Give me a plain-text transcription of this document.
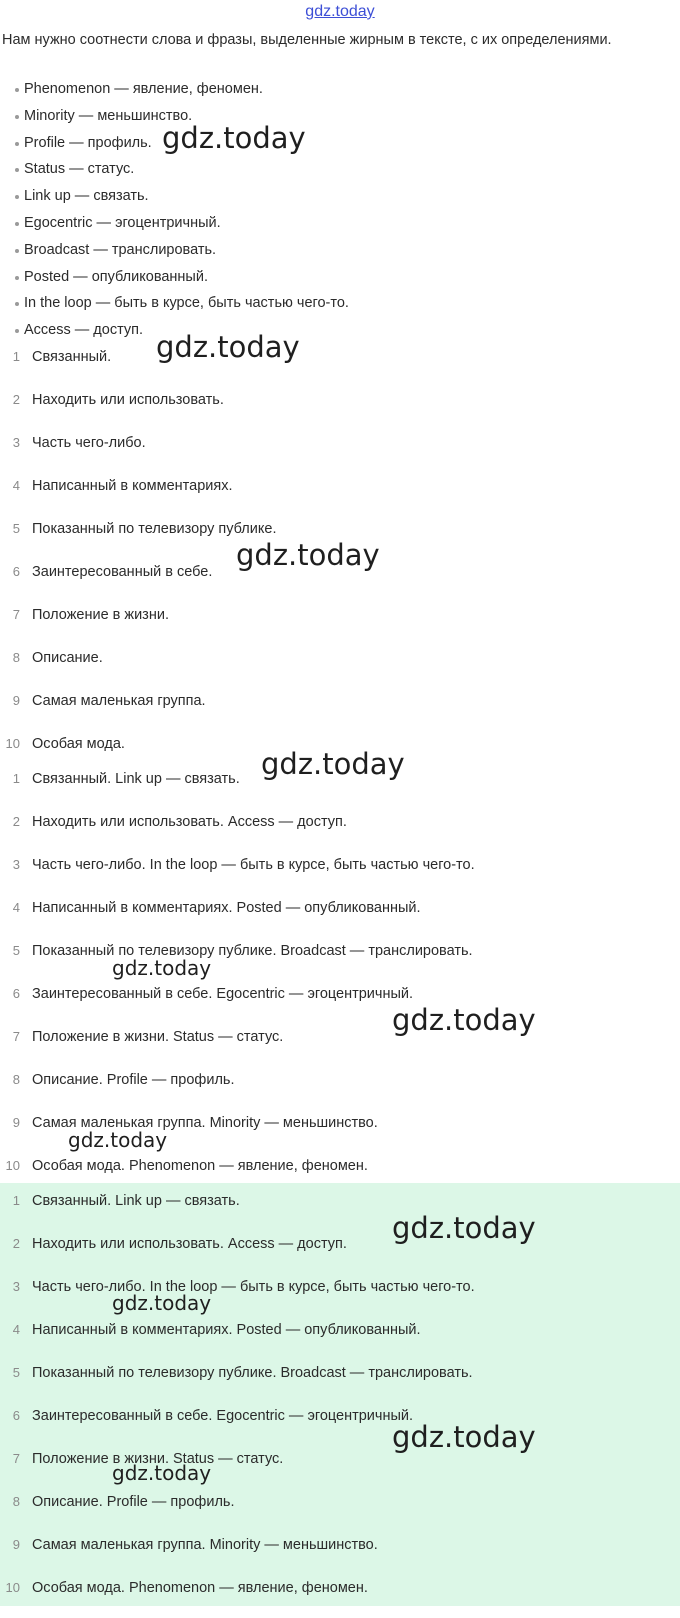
gdz.today
Нам нужно соотнести слова и фразы, выделенные жирным в тексте, с их определениями.
Phenomenon — явление, феномен.
Minority — меньшинство.
Profile — профиль.
Status — статус.
Link up — связать.
Egocentric — эгоцентричный.
Broadcast — транслировать.
Posted — опубликованный.
In the loop — быть в курсе, быть частью чего-то.
Access — доступ.
1 Связанный.
2 Находить или использовать.
3 Часть чего-либо.
4 Написанный в комментариях.
5 Показанный по телевизору публике.
6 Заинтересованный в себе.
7 Положение в жизни.
8 Описание.
9 Самая маленькая группа.
10 Особая мода.
1 Связанный. Link up — связать.
2 Находить или использовать. Access — доступ.
3 Часть чего-либо. In the loop — быть в курсе, быть частью чего-то.
4 Написанный в комментариях. Posted — опубликованный.
5 Показанный по телевизору публике. Broadcast — транслировать.
6 Заинтересованный в себе. Egocentric — эгоцентричный.
7 Положение в жизни. Status — статус.
8 Описание. Profile — профиль.
9 Самая маленькая группа. Minority — меньшинство.
10 Особая мода. Phenomenon — явление, феномен.
1 Связанный. Link up — связать.
2 Находить или использовать. Access — доступ.
3 Часть чего-либо. In the loop — быть в курсе, быть частью чего-то.
4 Написанный в комментариях. Posted — опубликованный.
5 Показанный по телевизору публике. Broadcast — транслировать.
6 Заинтересованный в себе. Egocentric — эгоцентричный.
7 Положение в жизни. Status — статус.
8 Описание. Profile — профиль.
9 Самая маленькая группа. Minority — меньшинство.
10 Особая мода. Phenomenon — явление, феномен.
gdz.today
gdz.today
gdz.today
gdz.today
gdz.today
gdz.today
gdz.today
gdz.today
gdz.today
gdz.today
gdz.today
